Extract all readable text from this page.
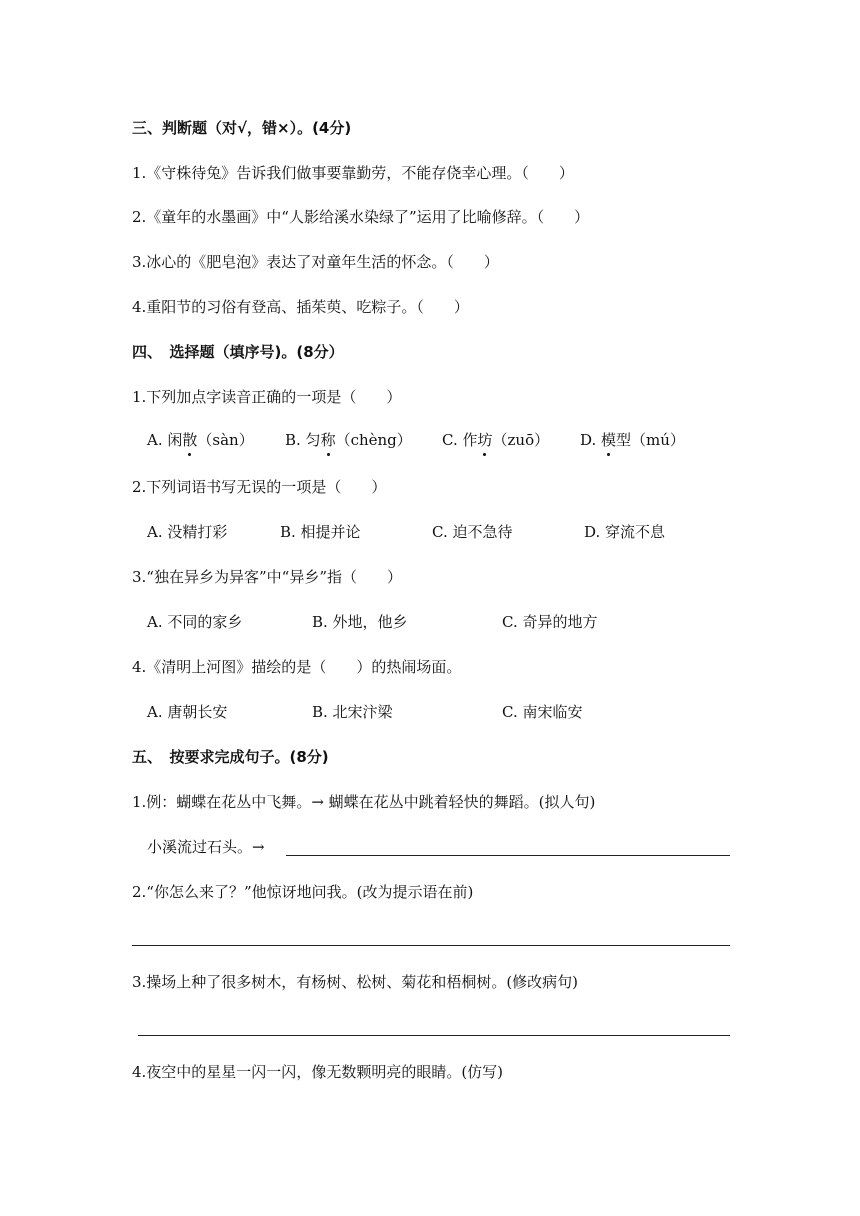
三、判断题（对√，错×）。(4分)
1.《守株待兔》告诉我们做事要靠勤劳，不能存侥幸心理。（　　）
2.《童年的水墨画》中“人影给溪水染绿了”运用了比喻修辞。（　　）
3.冰心的《肥皂泡》表达了对童年生活的怀念。（　　）
4.重阳节的习俗有登高、插茱萸、吃粽子。（　　）
四、　选择题（填序号)。(8分）
1.下列加点字读音正确的一项是（　　）
A. 闲散（sàn） B. 匀称（chèng） C. 作坊（zuō） D. 模型（mú）
2.下列词语书写无误的一项是（　　）
A. 没精打彩	B. 相提并论	C. 迫不急待	D. 穿流不息
3.“独在异乡为异客”中“异乡”指（　　）
A. 不同的家乡	B. 外地，他乡	C. 奇异的地方
4.《清明上河图》描绘的是（　　）的热闹场面。
A. 唐朝长安	B. 北宋汴梁	C. 南宋临安
五、　按要求完成句子。(8分)
1.例：蝴蝶在花丛中飞舞。→ 蝴蝶在花丛中跳着轻快的舞蹈。(拟人句)
小溪流过石头。→
2.“你怎么来了？”他惊讶地问我。(改为提示语在前)
3.操场上种了很多树木，有杨树、松树、菊花和梧桐树。(修改病句)
4.夜空中的星星一闪一闪，像无数颗明亮的眼睛。(仿写)
